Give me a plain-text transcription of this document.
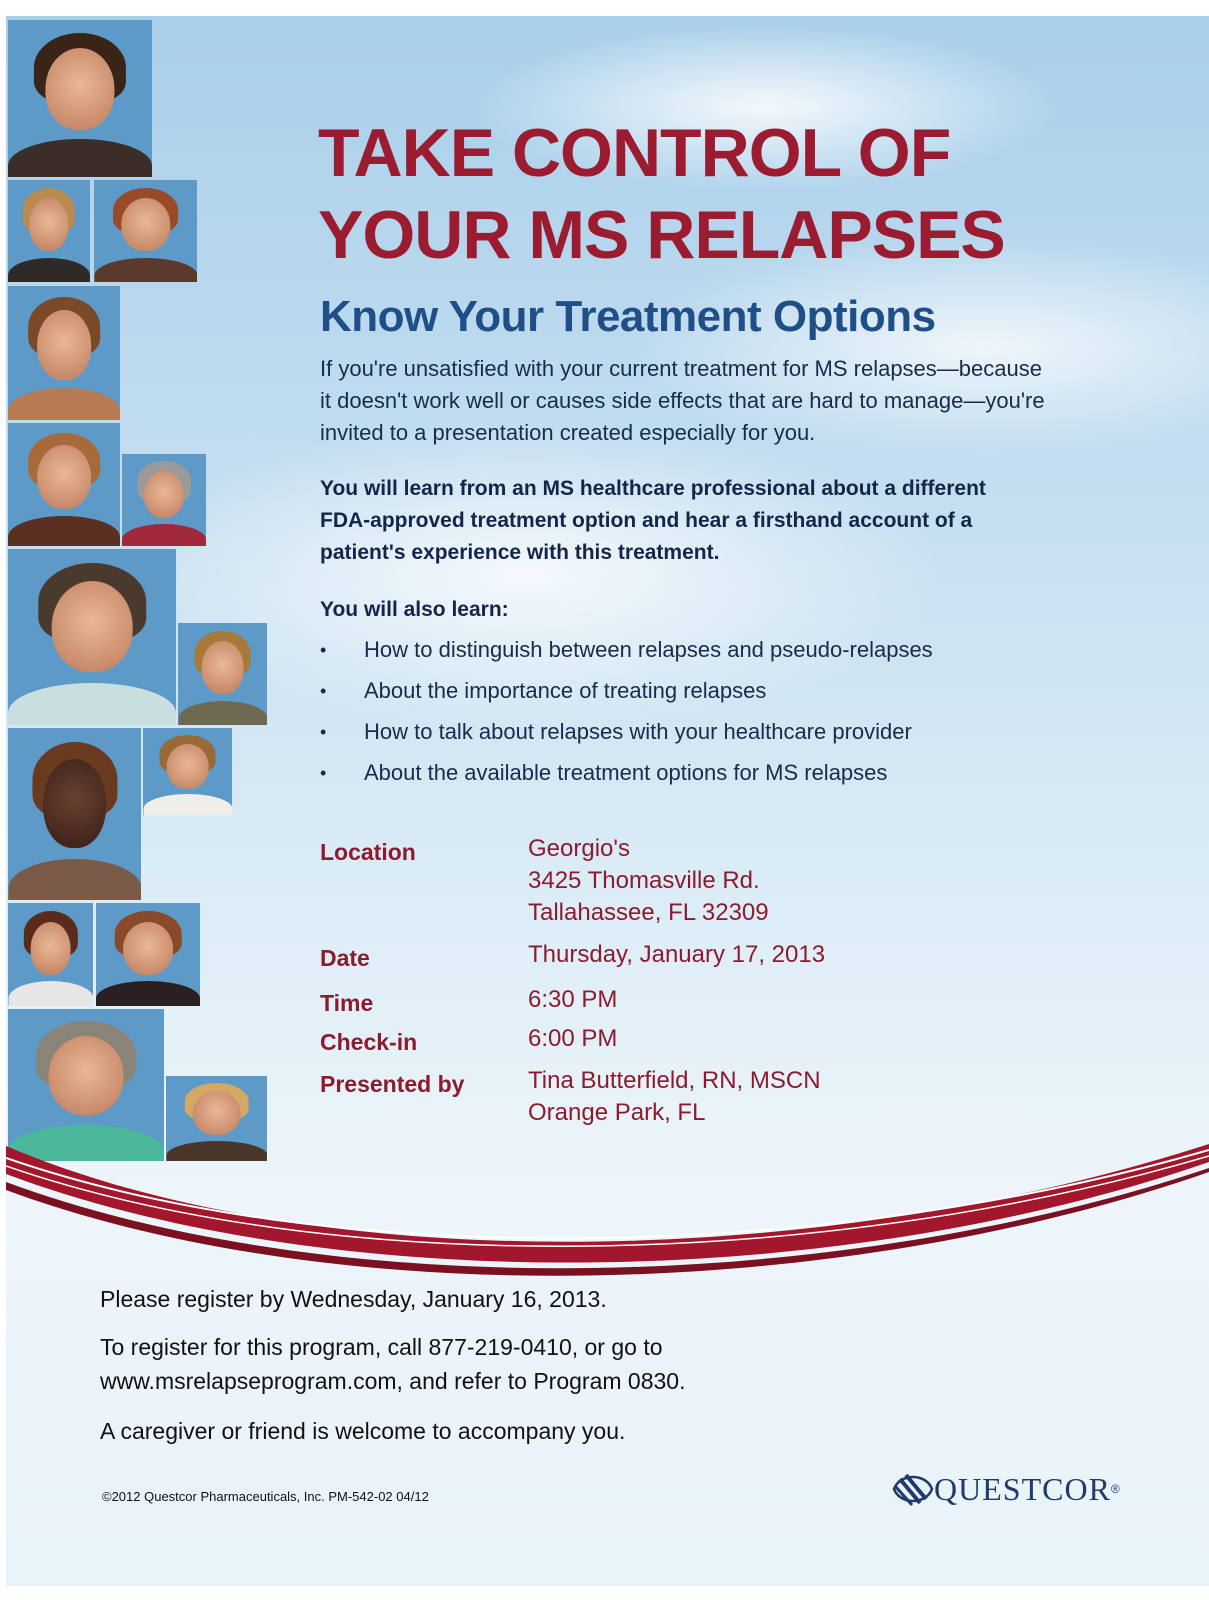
TAKE CONTROL OF
YOUR MS RELAPSES
Know Your Treatment Options

If you're unsatisfied with your current treatment for MS relapses—because
it doesn't work well or causes side effects that are hard to manage—you're
invited to a presentation created especially for you.

You will learn from an MS healthcare professional about a different
FDA-approved treatment option and hear a firsthand account of a
patient's experience with this treatment.

You will also learn:

• How to distinguish between relapses and pseudo-relapses
• About the importance of treating relapses
• How to talk about relapses with your healthcare provider
• About the available treatment options for MS relapses
Location	Georgio's
3425 Thomasville Rd.
Tallahassee, FL 32309
Date	Thursday, January 17, 2013
Time	6:30 PM
Check-in	6:00 PM
Presented by	Tina Butterfield, RN, MSCN
Orange Park, FL

Please register by Wednesday, January 16, 2013.

To register for this program, call 877-219-0410, or go to
www.msrelapseprogram.com, and refer to Program 0830.

A caregiver or friend is welcome to accompany you.

©2012 Questcor Pharmaceuticals, Inc. PM-542-02 04/12	QUESTCOR ®
